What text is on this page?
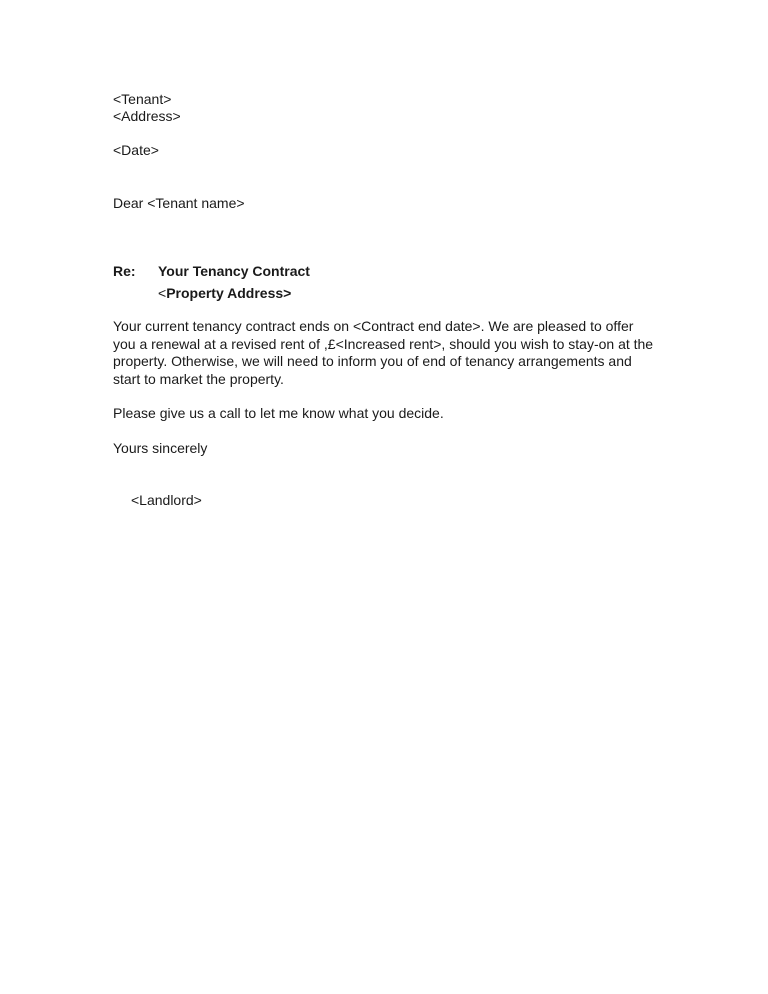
<Tenant>
<Address>
<Date>
Dear <Tenant name>
Re: Your Tenancy Contract
<Property Address>
Your current tenancy contract ends on <Contract end date>. We are pleased to offer you a renewal at a revised rent of ,£<Increased rent>, should you wish to stay-on at the property. Otherwise, we will need to inform you of end of tenancy arrangements and start to market the property.
Please give us a call to let me know what you decide.
Yours sincerely
<Landlord>
